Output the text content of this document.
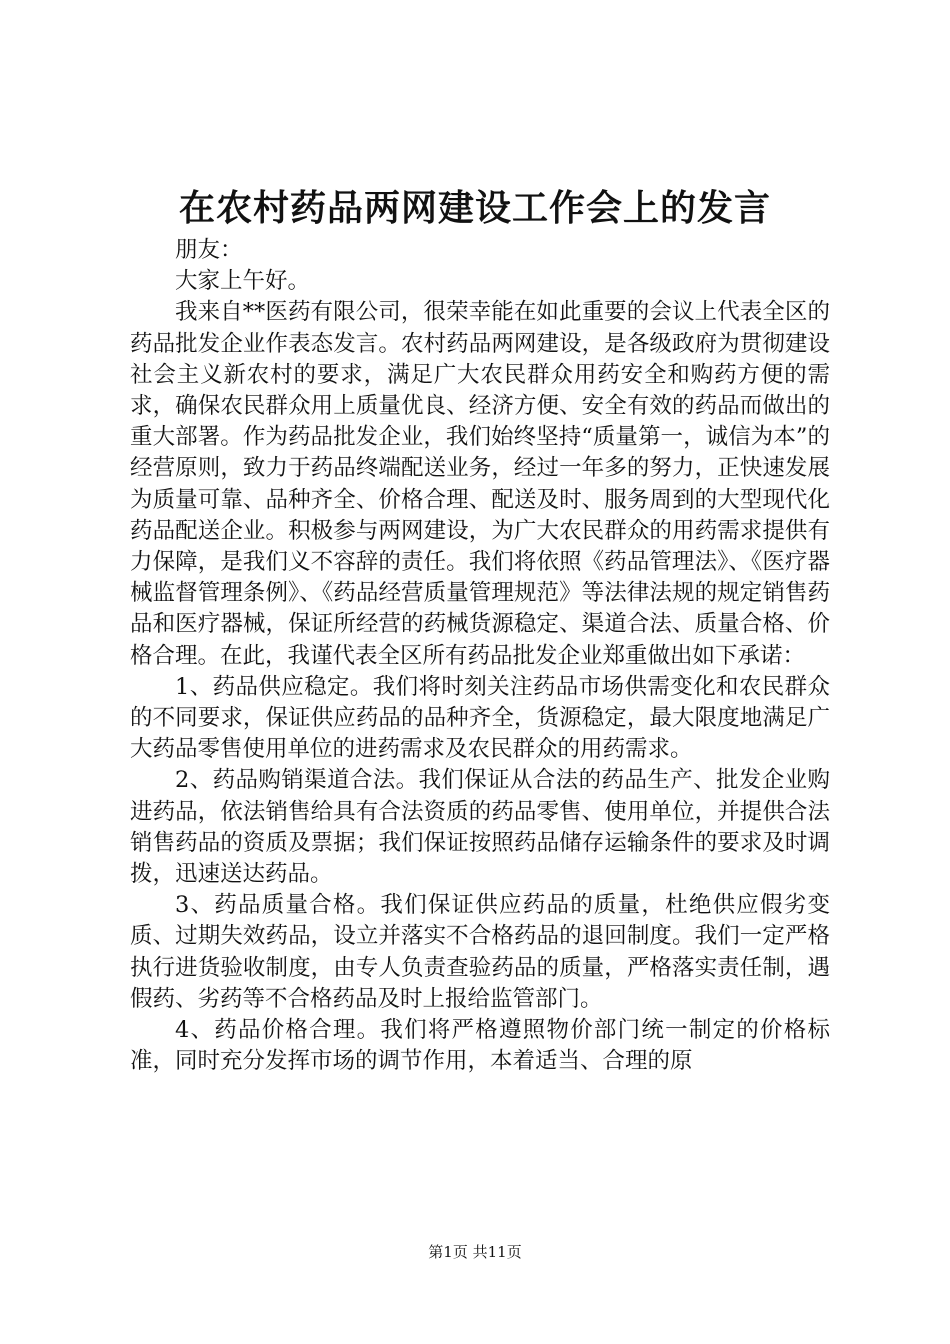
在农村药品两网建设工作会上的发言

朋友：

大家上午好。

我来自**医药有限公司，很荣幸能在如此重要的会议上代表全区的药品批发企业作表态发言。农村药品两网建设，是各级政府为贯彻建设社会主义新农村的要求，满足广大农民群众用药安全和购药方便的需求，确保农民群众用上质量优良、经济方便、安全有效的药品而做出的重大部署。作为药品批发企业，我们始终坚持“质量第一，诚信为本”的经营原则，致力于药品终端配送业务，经过一年多的努力，正快速发展为质量可靠、品种齐全、价格合理、配送及时、服务周到的大型现代化药品配送企业。积极参与两网建设，为广大农民群众的用药需求提供有力保障，是我们义不容辞的责任。我们将依照《药品管理法》、《医疗器械监督管理条例》、《药品经营质量管理规范》等法律法规的规定销售药品和医疗器械，保证所经营的药械货源稳定、渠道合法、质量合格、价格合理。在此，我谨代表全区所有药品批发企业郑重做出如下承诺：

1、药品供应稳定。我们将时刻关注药品市场供需变化和农民群众的不同要求，保证供应药品的品种齐全，货源稳定，最大限度地满足广大药品零售使用单位的进药需求及农民群众的用药需求。

2、药品购销渠道合法。我们保证从合法的药品生产、批发企业购进药品，依法销售给具有合法资质的药品零售、使用单位，并提供合法销售药品的资质及票据；我们保证按照药品储存运输条件的要求及时调拨，迅速送达药品。

3、药品质量合格。我们保证供应药品的质量，杜绝供应假劣变质、过期失效药品，设立并落实不合格药品的退回制度。我们一定严格执行进货验收制度，由专人负责查验药品的质量，严格落实责任制，遇假药、劣药等不合格药品及时上报给监管部门。

4、药品价格合理。我们将严格遵照物价部门统一制定的价格标准，同时充分发挥市场的调节作用，本着适当、合理的原

第1页 共11页
